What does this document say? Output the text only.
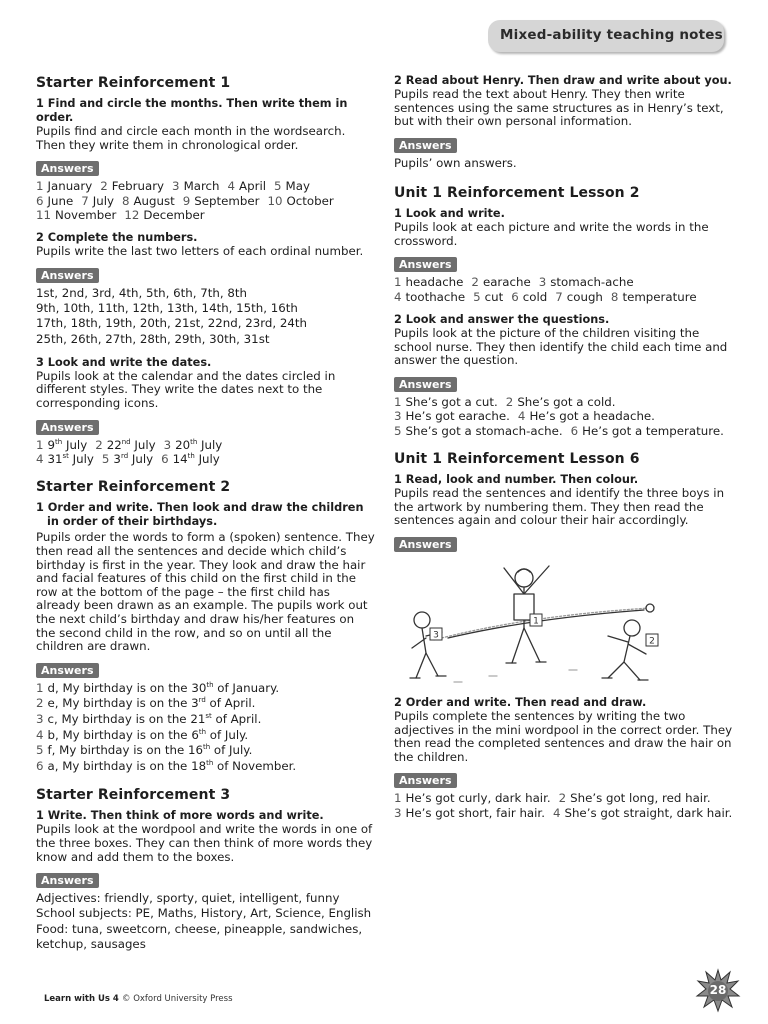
Mixed-ability teaching notes
Starter Reinforcement 1

1 Find and circle the months. Then write them in order.

Pupils find and circle each month in the wordsearch. Then they write them in chronological order.

Answers

1 January 2 February 3 March 4 April 5 May

6 June 7 July 8 August 9 September 10 October

11 November 12 December

2 Complete the numbers.

Pupils write the last two letters of each ordinal number.

Answers

1st, 2nd, 3rd, 4th, 5th, 6th, 7th, 8th

9th, 10th, 11th, 12th, 13th, 14th, 15th, 16th

17th, 18th, 19th, 20th, 21st, 22nd, 23rd, 24th

25th, 26th, 27th, 28th, 29th, 30th, 31st

3 Look and write the dates.

Pupils look at the calendar and the dates circled in different styles. They write the dates next to the corresponding icons.

Answers

1 9th July 2 22nd July 3 20th July

4 31st July 5 3rd July 6 14th July

Starter Reinforcement 2

1 Order and write. Then look and draw the children in order of their birthdays.

Pupils order the words to form a (spoken) sentence. They then read all the sentences and decide which child’s birthday is first in the year. They look and draw the hair and facial features of this child on the first child in the row at the bottom of the page – the first child has already been drawn as an example. The pupils work out the next child’s birthday and draw his/her features on the second child in the row, and so on until all the children are drawn.

Answers

1 d, My birthday is on the 30th of January.

2 e, My birthday is on the 3rd of April.

3 c, My birthday is on the 21st of April.

4 b, My birthday is on the 6th of July.

5 f, My birthday is on the 16th of July.

6 a, My birthday is on the 18th of November.

Starter Reinforcement 3

1 Write. Then think of more words and write.

Pupils look at the wordpool and write the words in one of the three boxes. They can then think of more words they know and add them to the boxes.

Answers

Adjectives: friendly, sporty, quiet, intelligent, funny

School subjects: PE, Maths, History, Art, Science, English

Food: tuna, sweetcorn, cheese, pineapple, sandwiches, ketchup, sausages

2 Read about Henry. Then draw and write about you.

Pupils read the text about Henry. They then write sentences using the same structures as in Henry’s text, but with their own personal information.

Answers

Pupils’ own answers.

Unit 1 Reinforcement Lesson 2

1 Look and write.

Pupils look at each picture and write the words in the crossword.

Answers

1 headache 2 earache 3 stomach-ache

4 toothache 5 cut 6 cold 7 cough 8 temperature

2 Look and answer the questions.

Pupils look at the picture of the children visiting the school nurse. They then identify the child each time and answer the question.

Answers

1 She’s got a cut. 2 She’s got a cold.

3 He’s got earache. 4 He’s got a headache.

5 She’s got a stomach-ache. 6 He’s got a temperature.

Unit 1 Reinforcement Lesson 6

1 Read, look and number. Then colour.

Pupils read the sentences and identify the three boys in the artwork by numbering them. They then read the sentences again and colour their hair accordingly.

Answers
1
2
3

2 Order and write. Then read and draw.

Pupils complete the sentences by writing the two adjectives in the mini wordpool in the correct order. They then read the completed sentences and draw the hair on the children.

Answers

1 He’s got curly, dark hair. 2 She’s got long, red hair.

3 He’s got short, fair hair. 4 She’s got straight, dark hair.

Learn with Us 4 © Oxford University Press
28
